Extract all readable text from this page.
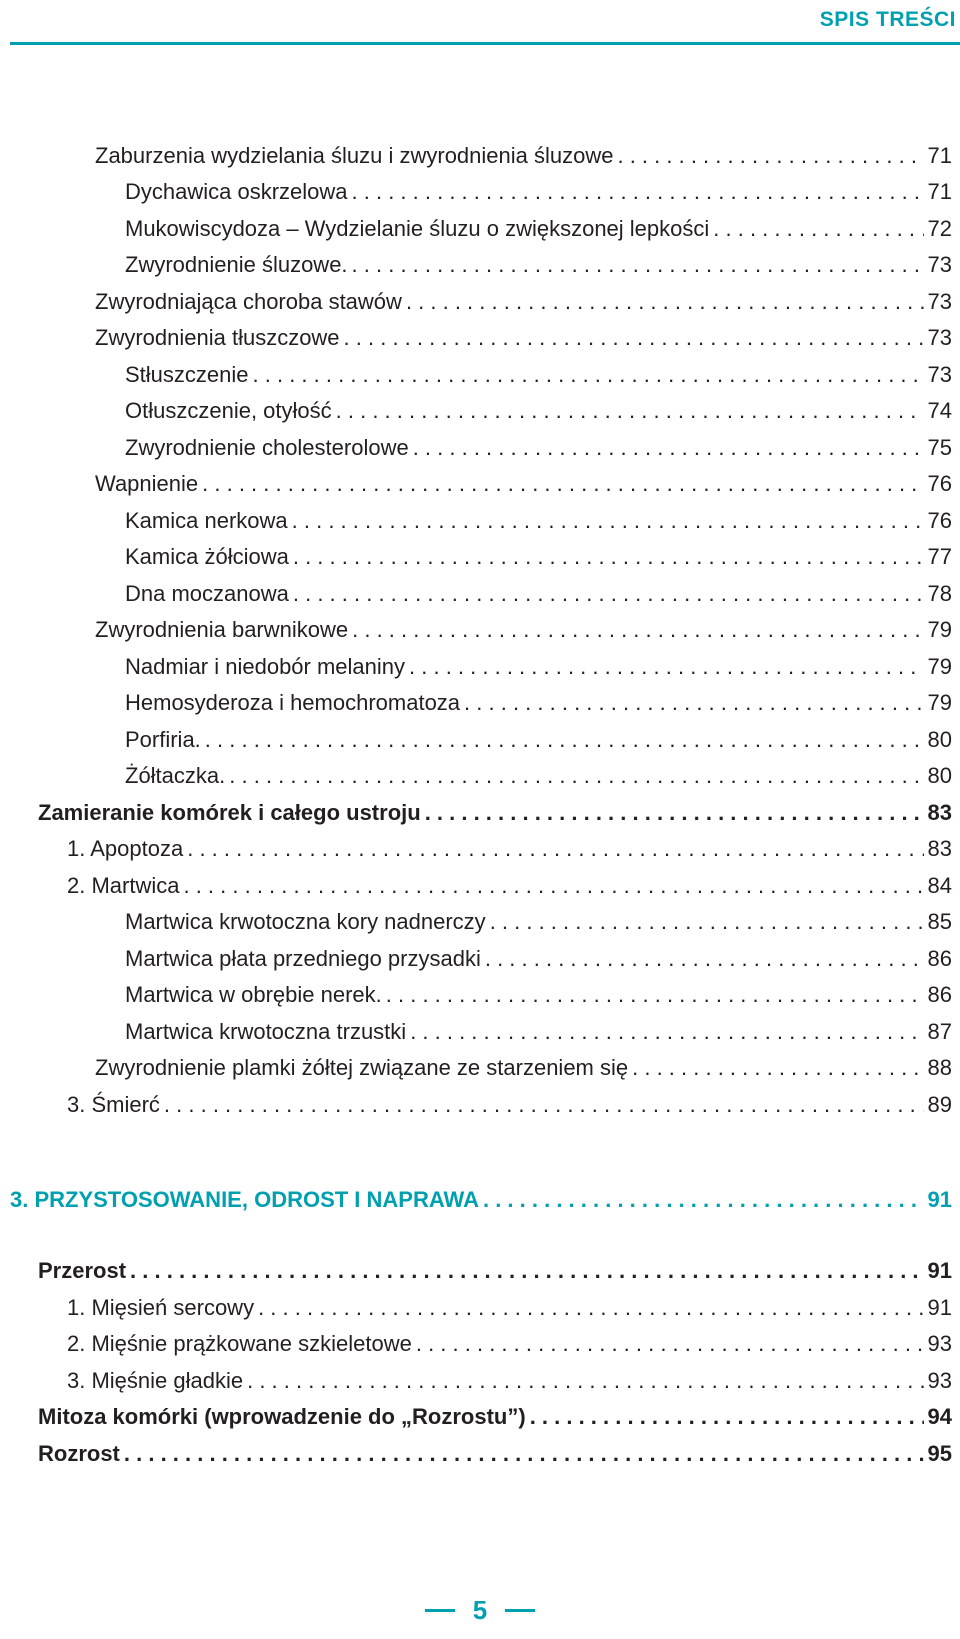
SPIS TREŚCI
Zaburzenia wydzielania śluzu i zwyrodnienia śluzowe . . .	71
Dychawica oskrzelowa . . .	71
Mukowiscydoza – Wydzielanie śluzu o zwiększonej lepkości . . .	72
Zwyrodnienie śluzowe. . . .	73
Zwyrodniająca choroba stawów . . .	73
Zwyrodnienia tłuszczowe . . .	73
Stłuszczenie . . .	73
Otłuszczenie, otyłość . . .	74
Zwyrodnienie cholesterolowe . . .	75
Wapnienie . . .	76
Kamica nerkowa . . .	76
Kamica żółciowa . . .	77
Dna moczanowa . . .	78
Zwyrodnienia barwnikowe . . .	79
Nadmiar i niedobór melaniny . . .	79
Hemosyderoza i hemochromatoza . . .	79
Porfiria. . . .	80
Żółtaczka. . . .	80
Zamieranie komórek i całego ustroju . . .	83
1. Apoptoza . . .	83
2. Martwica . . .	84
Martwica krwotoczna kory nadnerczy . . .	85
Martwica płata przedniego przysadki . . .	86
Martwica w obrębie nerek. . . .	86
Martwica krwotoczna trzustki . . .	87
Zwyrodnienie plamki żółtej związane ze starzeniem się . . .	88
3. Śmierć . . .	89
3. PRZYSTOSOWANIE, ODROST I NAPRAWA . . .	91
Przerost . . .	91
1. Mięsień sercowy . . .	91
2. Mięśnie prążkowane szkieletowe . . .	93
3. Mięśnie gładkie . . .	93
Mitoza komórki (wprowadzenie do „Rozrostu”) . . .	94
Rozrost . . .	95
5
